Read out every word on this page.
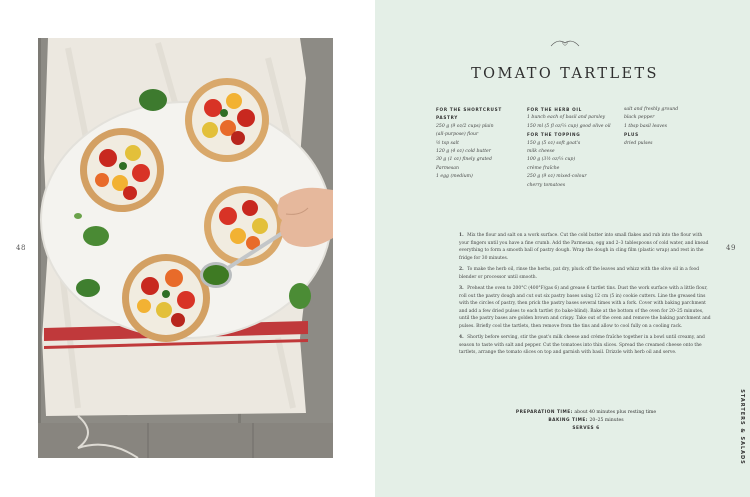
48
TOMATO TARTLETS
FOR THE SHORTCRUST PASTRY
250 g (9 oz/2 cups) plain
(all-purpose) flour
½ tsp salt
120 g (4 oz) cold butter
30 g (1 oz) finely grated
Parmesan
1 egg (medium)
FOR THE HERB OIL
1 bunch each of basil and parsley
150 ml (5 fl oz/⅔ cup) good olive oil
FOR THE TOPPING
150 g (5 oz) soft goat's
milk cheese
100 g (3½ oz/⅓ cup)
crème fraîche
250 g (9 oz) mixed-colour
cherry tomatoes
salt and freshly ground
black pepper
1 tbsp basil leaves
PLUS
dried pulses

1. Mix the flour and salt on a work surface. Cut the cold butter into small flakes and rub into the flour with your fingers until you have a fine crumb. Add the Parmesan, egg and 2–3 tablespoons of cold water, and knead everything to form a smooth ball of pastry dough. Wrap the dough in cling film (plastic wrap) and rest in the fridge for 30 minutes.

2. To make the herb oil, rinse the herbs, pat dry, pluck off the leaves and whizz with the olive oil in a food blender or processor until smooth.

3. Preheat the oven to 200°C (400°F/gas 6) and grease 6 tartlet tins. Dust the work surface with a little flour, roll out the pastry dough and cut out six pastry bases using 12 cm (5 in) cookie cutters. Line the greased tins with the circles of pastry, then prick the pastry bases several times with a fork. Cover with baking parchment and add a few dried pulses to each tartlet (to bake-blind). Bake at the bottom of the oven for 20–25 minutes, until the pastry bases are golden brown and crispy. Take out of the oven and remove the baking parchment and pulses. Briefly cool the tartlets, then remove from the tins and allow to cool fully on a cooling rack.

4. Shortly before serving, stir the goat's milk cheese and crème fraîche together in a bowl until creamy, and season to taste with salt and pepper. Cut the tomatoes into thin slices. Spread the creamed cheese onto the tartlets, arrange the tomato slices on top and garnish with basil. Drizzle with herb oil and serve.

PREPARATION TIME: about 40 minutes plus resting time
BAKING TIME: 20–25 minutes
SERVES 6
49
STARTERS & SALADS
